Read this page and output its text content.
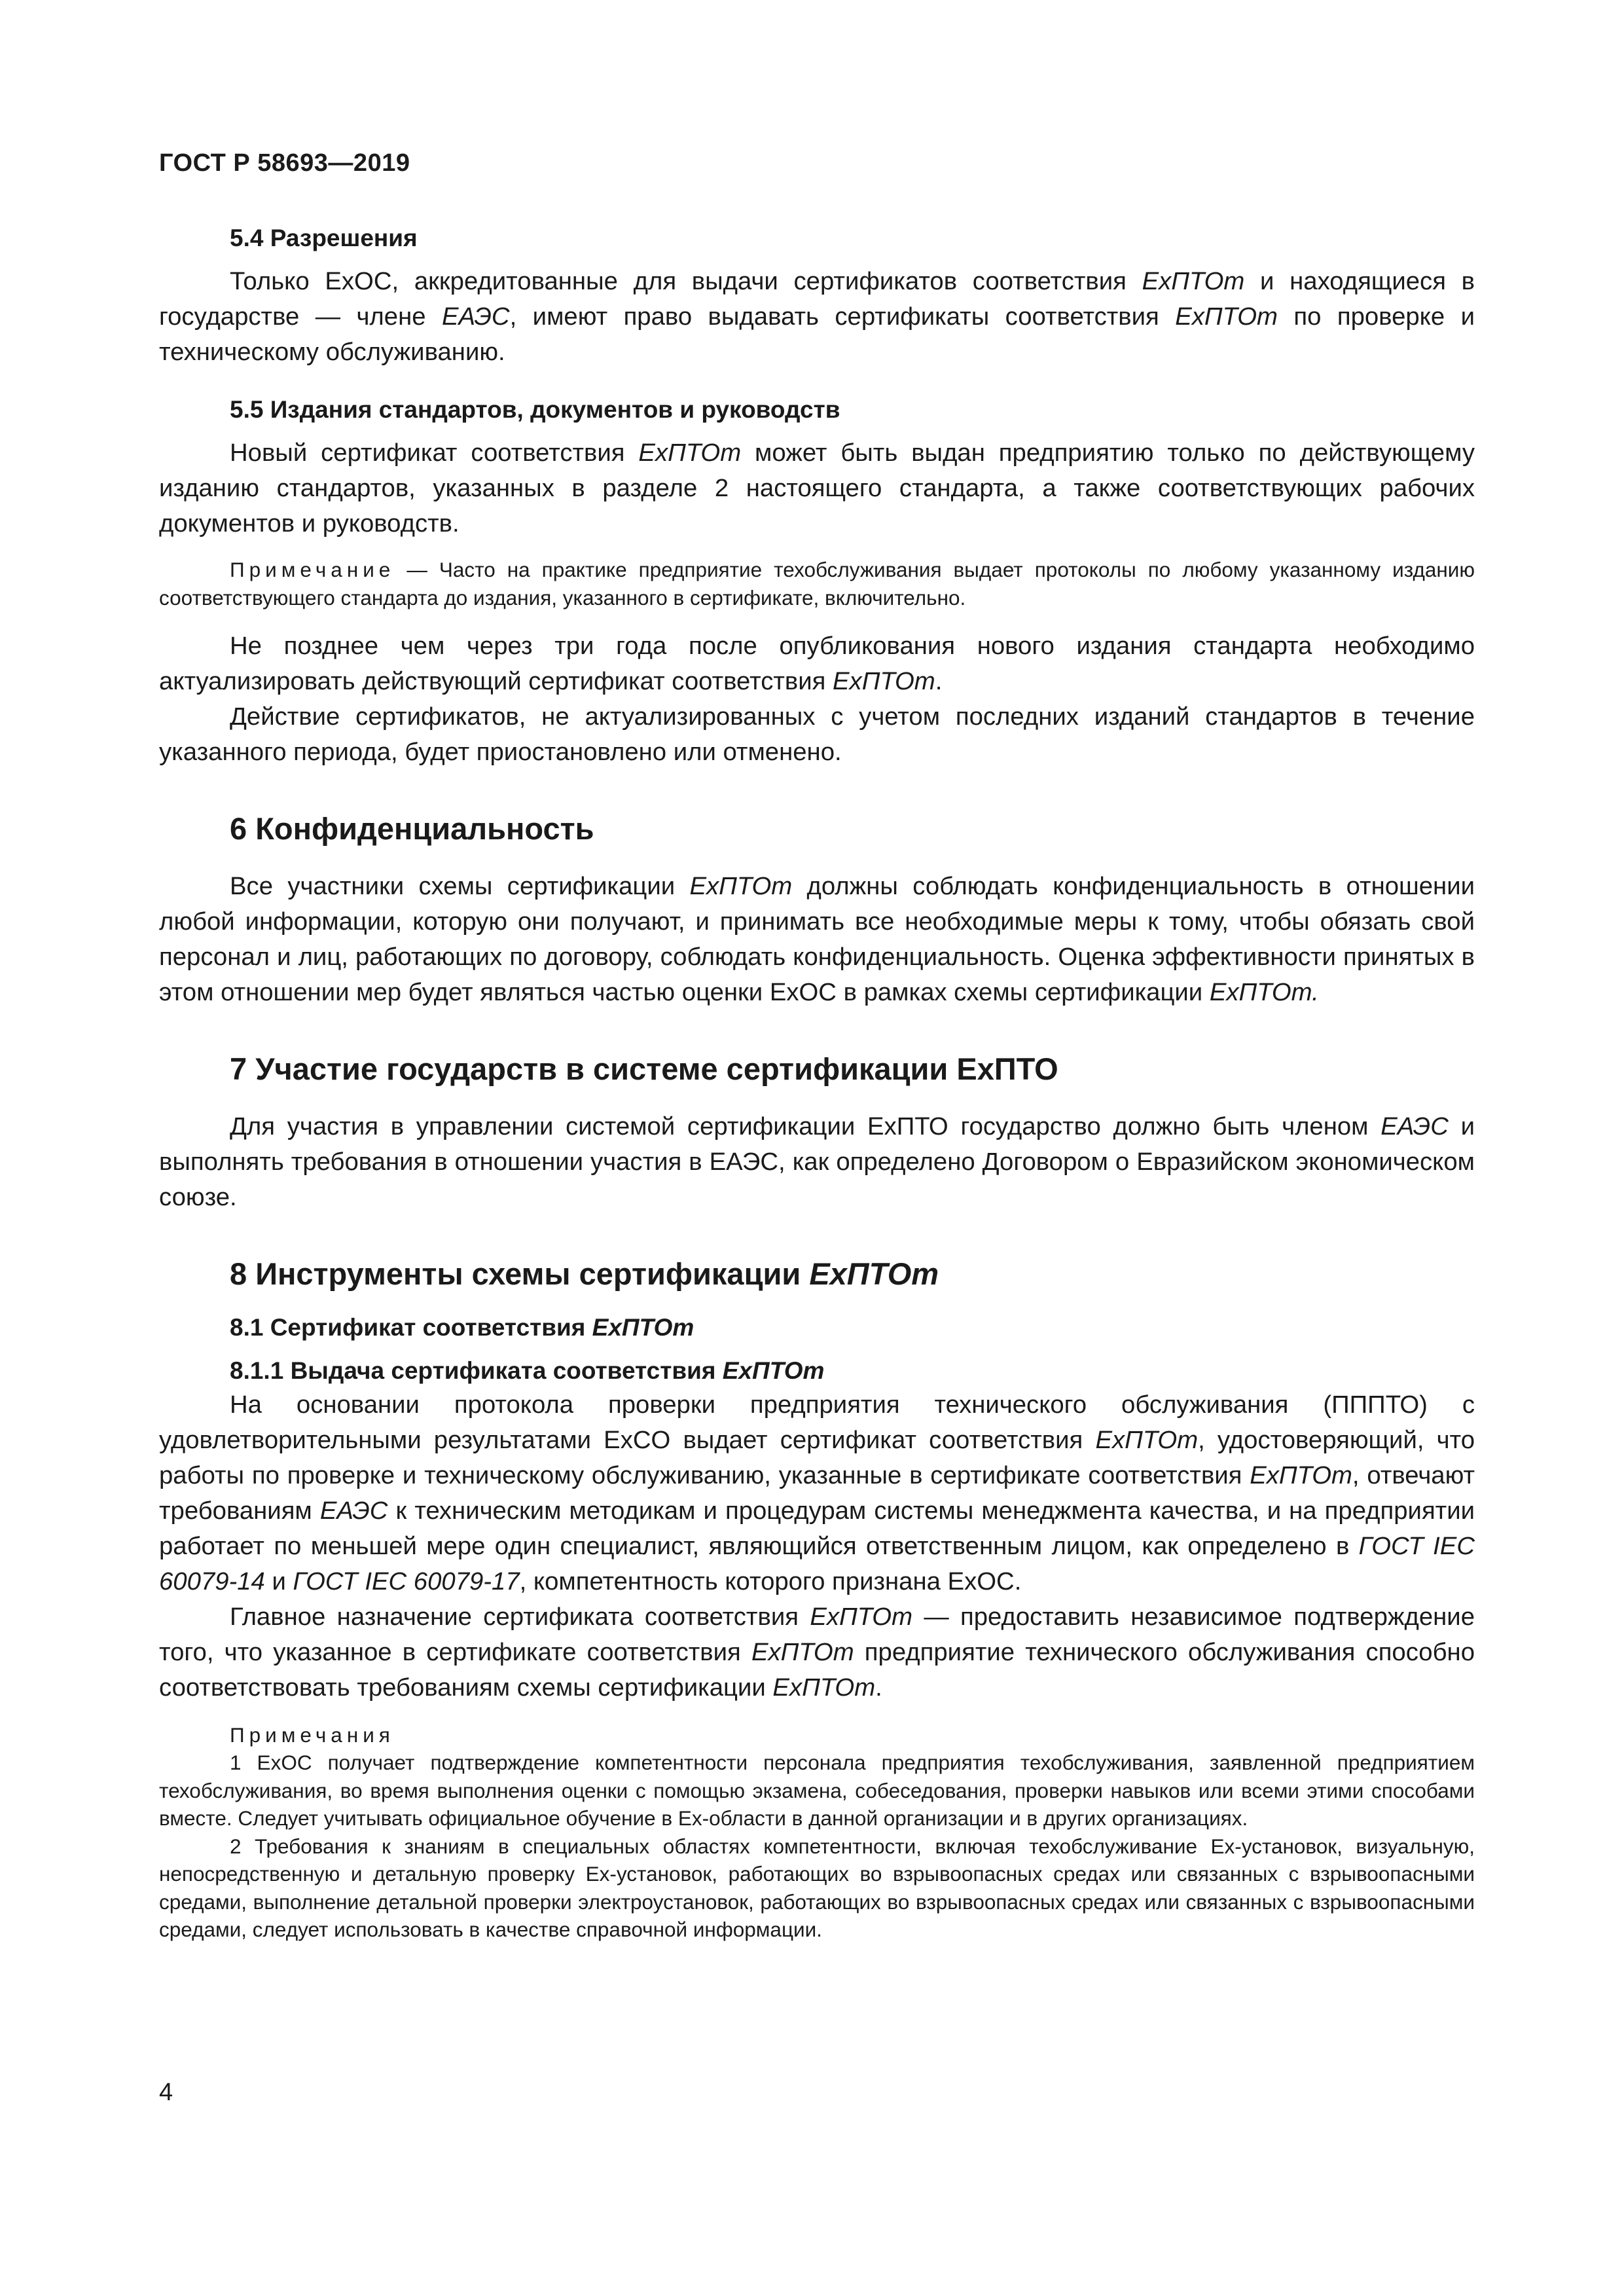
ГОСТ Р 58693—2019
5.4 Разрешения

Только ExOC, аккредитованные для выдачи сертификатов соответствия ExПТОт и находящиеся в государстве — члене ЕАЭС, имеют право выдавать сертификаты соответствия ExПТОт по проверке и техническому обслуживанию.

5.5 Издания стандартов, документов и руководств

Новый сертификат соответствия ExПТОт может быть выдан предприятию только по действующему изданию стандартов, указанных в разделе 2 настоящего стандарта, а также соответствующих рабочих документов и руководств.

Примечание — Часто на практике предприятие техобслуживания выдает протоколы по любому указанному изданию соответствующего стандарта до издания, указанного в сертификате, включительно.

Не позднее чем через три года после опубликования нового издания стандарта необходимо актуализировать действующий сертификат соответствия ExПТОт.

Действие сертификатов, не актуализированных с учетом последних изданий стандартов в течение указанного периода, будет приостановлено или отменено.

6 Конфиденциальность

Все участники схемы сертификации ExПТОт должны соблюдать конфиденциальность в отношении любой информации, которую они получают, и принимать все необходимые меры к тому, чтобы обязать свой персонал и лиц, работающих по договору, соблюдать конфиденциальность. Оценка эффективности принятых в этом отношении мер будет являться частью оценки ExOC в рамках схемы сертификации ExПТОт.

7 Участие государств в системе сертификации ExПТО

Для участия в управлении системой сертификации ExПТО государство должно быть членом ЕАЭС и выполнять требования в отношении участия в ЕАЭС, как определено Договором о Евразийском экономическом союзе.

8 Инструменты схемы сертификации ExПТОт
8.1 Сертификат соответствия ExПТОт
8.1.1 Выдача сертификата соответствия ExПТОт

На основании протокола проверки предприятия технического обслуживания (ПППТО) с удовлетворительными результатами ExCO выдает сертификат соответствия ExПТОт, удостоверяющий, что работы по проверке и техническому обслуживанию, указанные в сертификате соответствия ExПТОт, отвечают требованиям ЕАЭС к техническим методикам и процедурам системы менеджмента качества, и на предприятии работает по меньшей мере один специалист, являющийся ответственным лицом, как определено в ГОСТ IEC 60079-14 и ГОСТ IEC 60079-17, компетентность которого признана ExOC.

Главное назначение сертификата соответствия ExПТОт — предоставить независимое подтверждение того, что указанное в сертификате соответствия ExПТОт предприятие технического обслуживания способно соответствовать требованиям схемы сертификации ExПТОт.

Примечания

1 ExOC получает подтверждение компетентности персонала предприятия техобслуживания, заявленной предприятием техобслуживания, во время выполнения оценки с помощью экзамена, собеседования, проверки навыков или всеми этими способами вместе. Следует учитывать официальное обучение в Ex-области в данной организации и в других организациях.

2 Требования к знаниям в специальных областях компетентности, включая техобслуживание Ex-установок, визуальную, непосредственную и детальную проверку Ex-установок, работающих во взрывоопасных средах или связанных с взрывоопасными средами, выполнение детальной проверки электроустановок, работающих во взрывоопасных средах или связанных с взрывоопасными средами, следует использовать в качестве справочной информации.

4
